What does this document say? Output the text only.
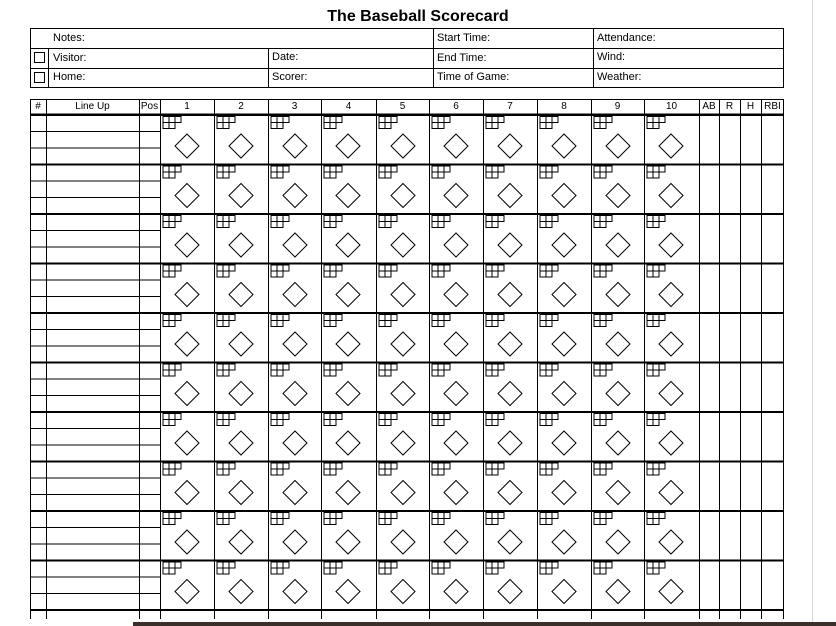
The Baseball Scorecard
Notes:	Start Time:	Attendance:
Visitor:	Date:	End Time:	Wind:
Home:	Scorer:	Time of Game:	Weather:
#	Line Up	Pos	1	2	3	4	5	6	7	8	9	10	AB	R	H	RBI
